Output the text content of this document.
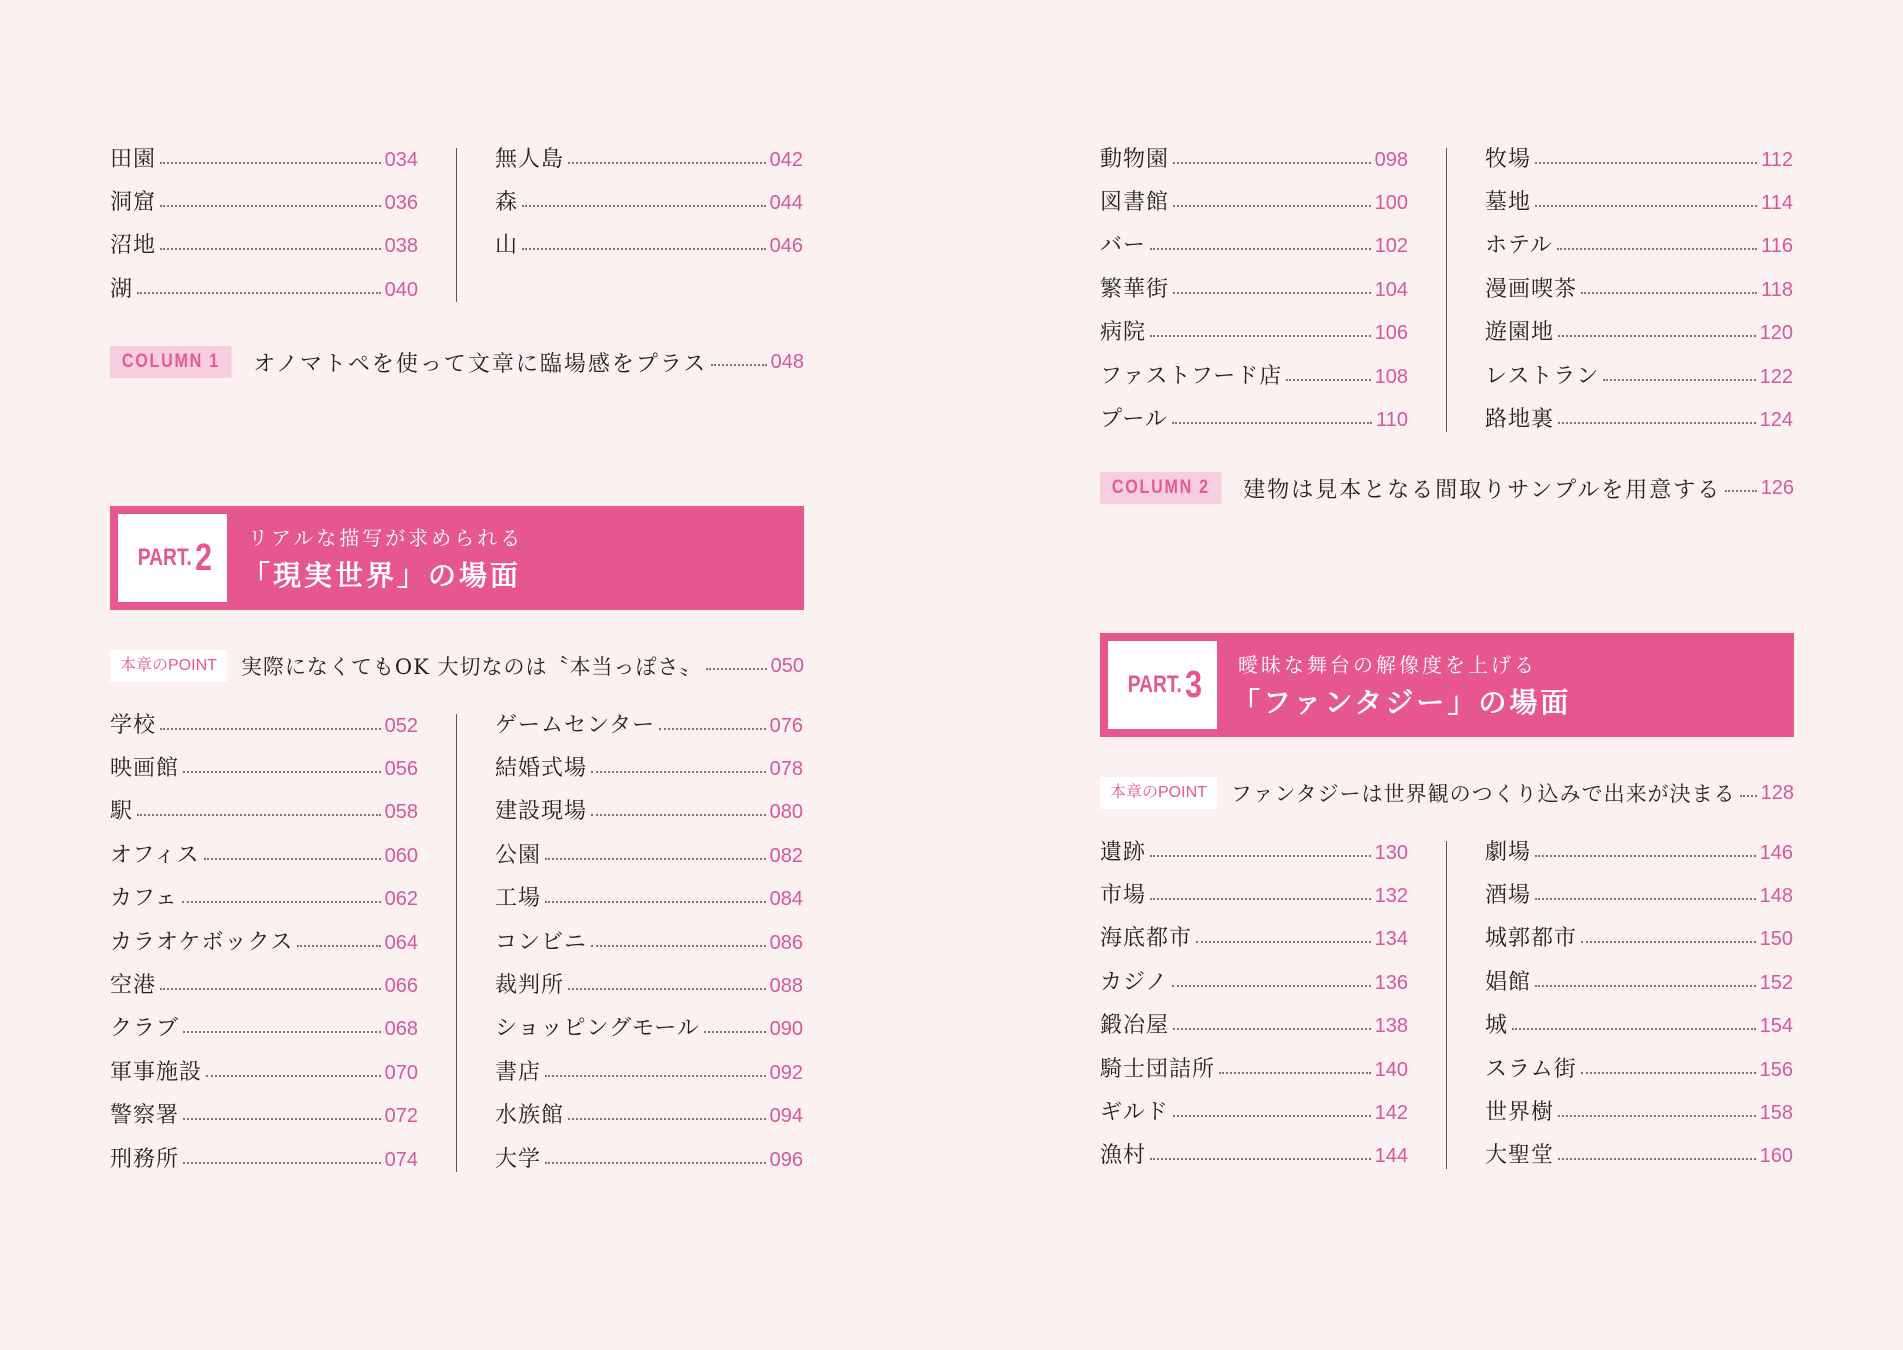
田園	034
洞窟	036
沼地	038
湖	040
無人島	042
森	044
山	046
COLUMN 1	オノマトペを使って文章に臨場感をプラス	048
PART. 2 リアルな描写が求められる
「現実世界」の場面
本章のPOINT	実際になくてもOK 大切なのは〝本当っぽさ〟	050
学校	052
映画館	056
駅	058
オフィス	060
カフェ	062
カラオケボックス	064
空港	066
クラブ	068
軍事施設	070
警察署	072
刑務所	074
ゲームセンター	076
結婚式場	078
建設現場	080
公園	082
工場	084
コンビニ	086
裁判所	088
ショッピングモール	090
書店	092
水族館	094
大学	096
動物園	098
図書館	100
バー	102
繁華街	104
病院	106
ファストフード店	108
プール	110
牧場	112
墓地	114
ホテル	116
漫画喫茶	118
遊園地	120
レストラン	122
路地裏	124
COLUMN 2	建物は見本となる間取りサンプルを用意する 126
PART. 3 曖昧な舞台の解像度を上げる
「ファンタジー」の場面
本章のPOINT	ファンタジーは世界観のつくり込みで出来が決まる 128
遺跡	130
市場	132
海底都市	134
カジノ	136
鍛冶屋	138
騎士団詰所	140
ギルド	142
漁村	144
劇場	146
酒場	148
城郭都市	150
娼館	152
城	154
スラム街	156
世界樹	158
大聖堂	160
